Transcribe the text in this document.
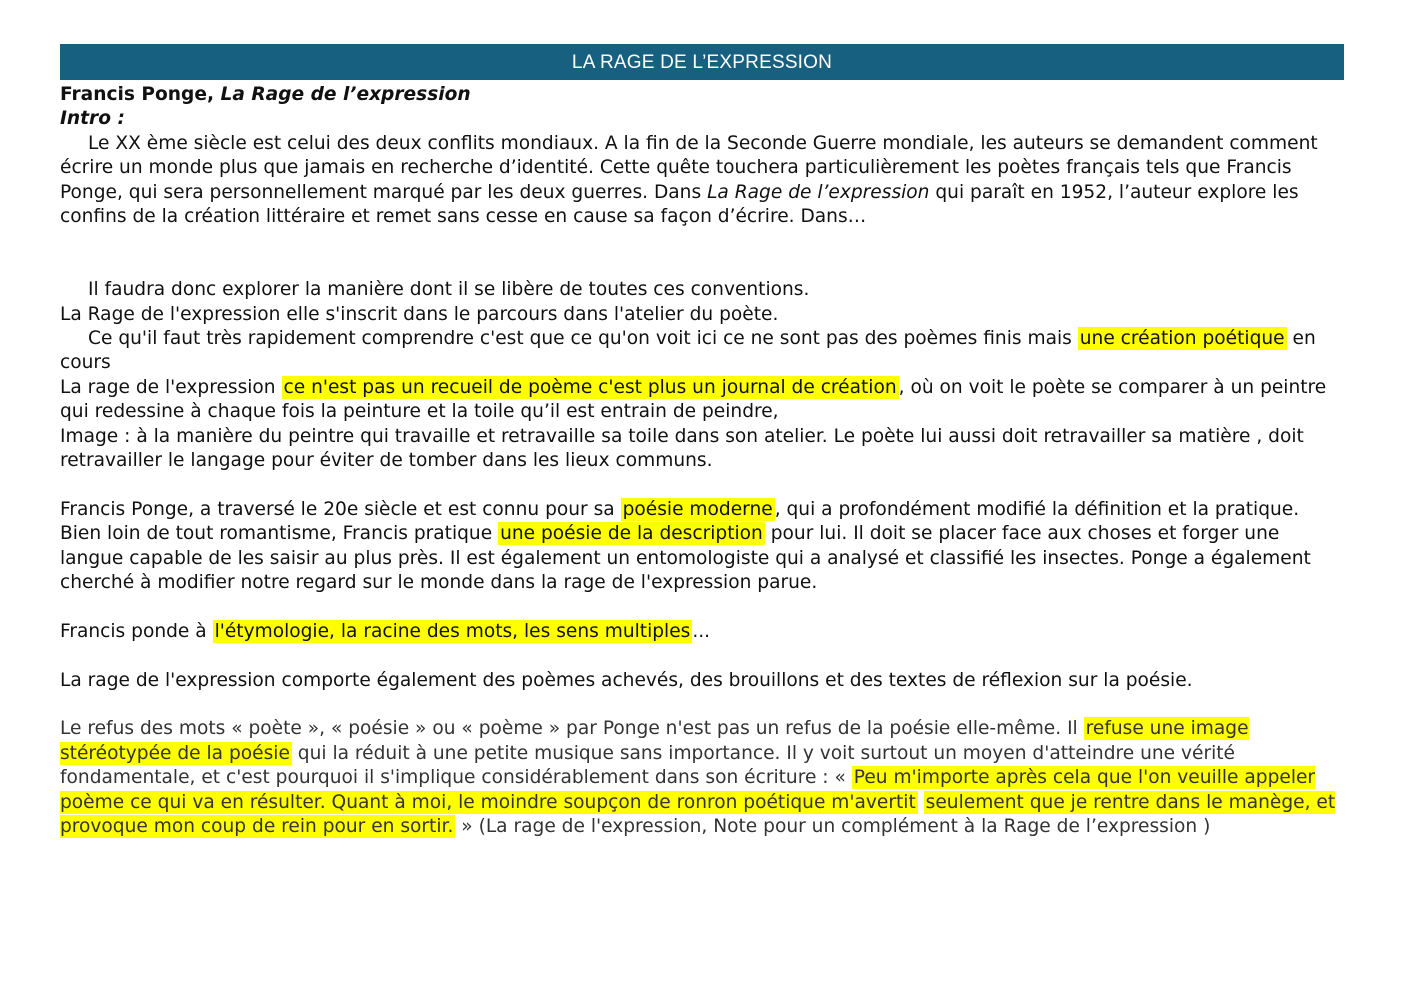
LA RAGE DE L’EXPRESSION

Francis Ponge, La Rage de l’expression

Intro :

Le XX ème siècle est celui des deux conflits mondiaux. A la fin de la Seconde Guerre mondiale, les auteurs se demandent comment écrire un monde plus que jamais en recherche d’identité. Cette quête touchera particulièrement les poètes français tels que Francis Ponge, qui sera personnellement marqué par les deux guerres. Dans La Rage de l’expression qui paraît en 1952, l’auteur explore les confins de la création littéraire et remet sans cesse en cause sa façon d’écrire. Dans…

Il faudra donc explorer la manière dont il se libère de toutes ces conventions.

La Rage de l'expression elle s'inscrit dans le parcours dans l'atelier du poète.

Ce qu'il faut très rapidement comprendre c'est que ce qu'on voit ici ce ne sont pas des poèmes finis mais une création poétique en cours

La rage de l'expression ce n'est pas un recueil de poème c'est plus un journal de création , où on voit le poète se comparer à un peintre qui redessine à chaque fois la peinture et la toile qu’il est entrain de peindre,

Image : à la manière du peintre qui travaille et retravaille sa toile dans son atelier. Le poète lui aussi doit retravailler sa matière , doit retravailler le langage pour éviter de tomber dans les lieux communs.

Francis Ponge, a traversé le 20e siècle et est connu pour sa poésie moderne , qui a profondément modifié la définition et la pratique. Bien loin de tout romantisme, Francis pratique une poésie de la description pour lui. Il doit se placer face aux choses et forger une langue capable de les saisir au plus près. Il est également un entomologiste qui a analysé et classifié les insectes. Ponge a également cherché à modifier notre regard sur le monde dans la rage de l'expression parue.

Francis ponde à l'étymologie, la racine des mots, les sens multiples ...

La rage de l'expression comporte également des poèmes achevés, des brouillons et des textes de réflexion sur la poésie.

Le refus des mots « poète », « poésie » ou « poème » par Ponge n'est pas un refus de la poésie elle-même. Il refuse une image stéréotypée de la poésie qui la réduit à une petite musique sans importance. Il y voit surtout un moyen d'atteindre une vérité fondamentale, et c'est pourquoi il s'implique considérablement dans son écriture : « Peu m'importe après cela que l'on veuille appeler poème ce qui va en résulter. Quant à moi, le moindre soupçon de ronron poétique m'avertit seulement que je rentre dans le manège, et provoque mon coup de rein pour en sortir. » (La rage de l'expression, Note pour un complément à la Rage de l’expression )
